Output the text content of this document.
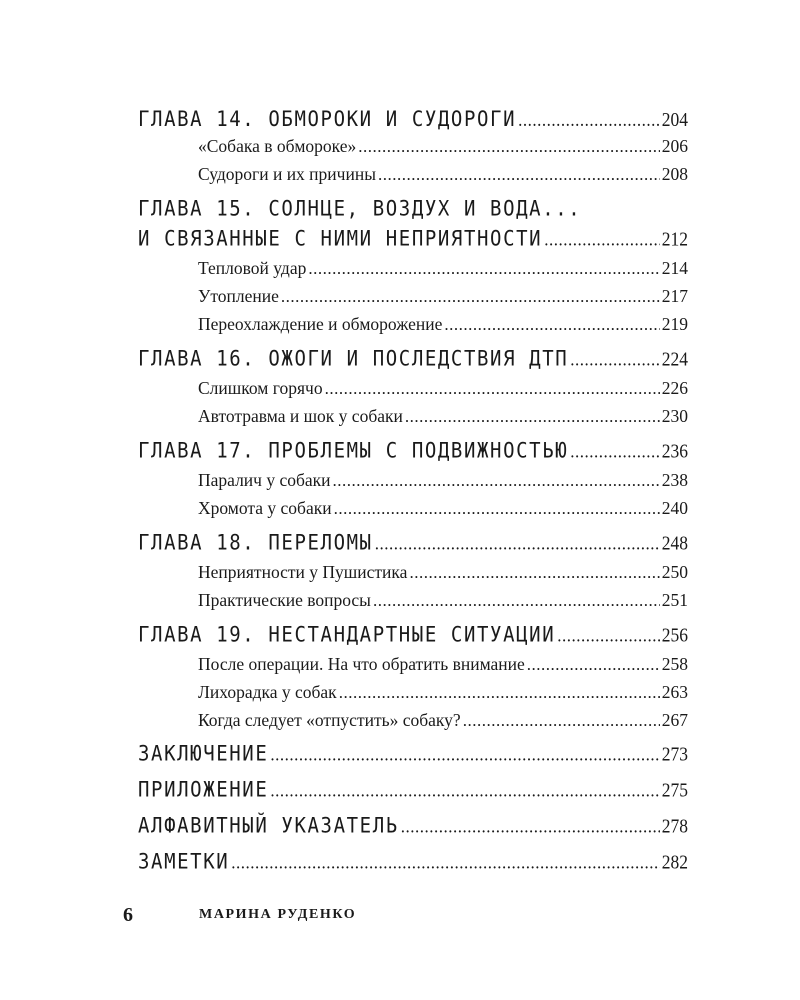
ГЛАВА 14. ОБМОРОКИ И СУДОРОГИ .....	204
«Собака в обмороке» .....	206
Судороги и их причины .....	208
ГЛАВА 15. СОЛНЦЕ, ВОЗДУХ И ВОДА...
И СВЯЗАННЫЕ С НИМИ НЕПРИЯТНОСТИ .....	212
Тепловой удар .....	214
Утопление .....	217
Переохлаждение и обморожение .....	219
ГЛАВА 16. ОЖОГИ И ПОСЛЕДСТВИЯ ДТП .....	224
Слишком горячо .....	226
Автотравма и шок у собаки .....	230
ГЛАВА 17. ПРОБЛЕМЫ С ПОДВИЖНОСТЬЮ .....	236
Паралич у собаки .....	238
Хромота у собаки .....	240
ГЛАВА 18. ПЕРЕЛОМЫ .....	248
Неприятности у Пушистика .....	250
Практические вопросы .....	251
ГЛАВА 19. НЕСТАНДАРТНЫЕ СИТУАЦИИ .....	256
После операции. На что обратить внимание .....	258
Лихорадка у собак .....	263
Когда следует «отпустить» собаку? .....	267
ЗАКЛЮЧЕНИЕ .....	273
ПРИЛОЖЕНИЕ .....	275
АЛФАВИТНЫЙ УКАЗАТЕЛЬ .....	278
ЗАМЕТКИ .....	282
6	МАРИНА РУДЕНКО
